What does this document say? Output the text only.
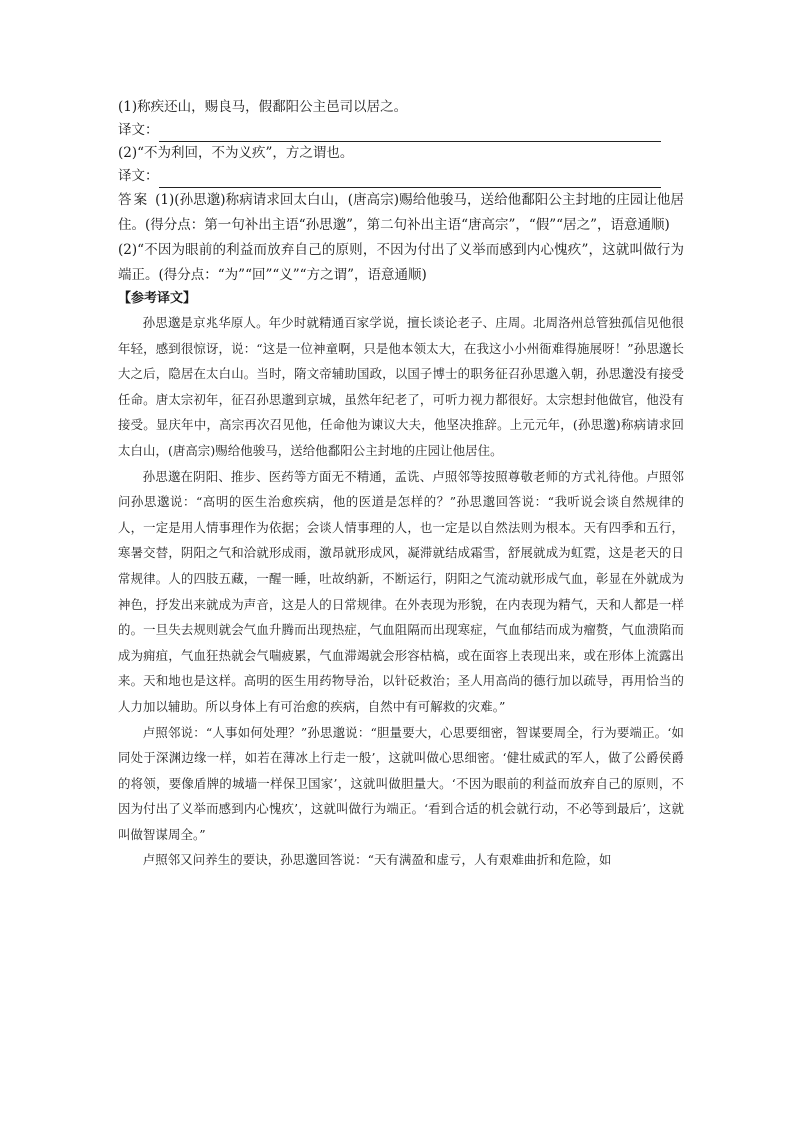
(1)称疾还山，赐良马，假鄱阳公主邑司以居之。

译文：

(2)“不为利回，不为义疚”，方之谓也。

译文：

答案 (1)(孙思邈)称病请求回太白山，(唐高宗)赐给他骏马，送给他鄱阳公主封地的庄园让他居住。(得分点：第一句补出主语“孙思邈”，第二句补出主语“唐高宗”，“假”“居之”，语意通顺)

(2)“不因为眼前的利益而放弃自己的原则，不因为付出了义举而感到内心愧疚”，这就叫做行为端正。(得分点：“为”“回”“义”“方之谓”，语意通顺)

【参考译文】

孙思邈是京兆华原人。年少时就精通百家学说，擅长谈论老子、庄周。北周洛州总管独孤信见他很年轻，感到很惊讶，说：“这是一位神童啊，只是他本领太大，在我这小小州衙难得施展呀！”孙思邈长大之后，隐居在太白山。当时，隋文帝辅助国政，以国子博士的职务征召孙思邈入朝，孙思邈没有接受任命。唐太宗初年，征召孙思邈到京城，虽然年纪老了，可听力视力都很好。太宗想封他做官，他没有接受。显庆年中，高宗再次召见他，任命他为谏议大夫，他坚决推辞。上元元年，(孙思邈)称病请求回太白山，(唐高宗)赐给他骏马，送给他鄱阳公主封地的庄园让他居住。

孙思邈在阴阳、推步、医药等方面无不精通，孟诜、卢照邻等按照尊敬老师的方式礼待他。卢照邻问孙思邈说：“高明的医生治愈疾病，他的医道是怎样的？”孙思邈回答说：“我听说会谈自然规律的人，一定是用人情事理作为依据；会谈人情事理的人，也一定是以自然法则为根本。天有四季和五行，寒暑交替，阴阳之气和洽就形成雨，激昂就形成风，凝滞就结成霜雪，舒展就成为虹霓，这是老天的日常规律。人的四肢五藏，一醒一睡，吐故纳新，不断运行，阴阳之气流动就形成气血，彰显在外就成为神色，抒发出来就成为声音，这是人的日常规律。在外表现为形貌，在内表现为精气，天和人都是一样的。一旦失去规则就会气血升腾而出现热症，气血阻隔而出现寒症，气血郁结而成为瘤赘，气血溃陷而成为痈疽，气血狂热就会气喘疲累，气血滞竭就会形容枯槁，或在面容上表现出来，或在形体上流露出来。天和地也是这样。高明的医生用药物导治，以针砭救治；圣人用高尚的德行加以疏导，再用恰当的人力加以辅助。所以身体上有可治愈的疾病，自然中有可解救的灾难。”

卢照邻说：“人事如何处理？”孙思邈说：“胆量要大，心思要细密，智谋要周全，行为要端正。‘如同处于深渊边缘一样，如若在薄冰上行走一般’，这就叫做心思细密。‘健壮威武的军人，做了公爵侯爵的将领，要像盾牌的城墙一样保卫国家’，这就叫做胆量大。‘不因为眼前的利益而放弃自己的原则，不因为付出了义举而感到内心愧疚’，这就叫做行为端正。‘看到合适的机会就行动，不必等到最后’，这就叫做智谋周全。”

卢照邻又问养生的要诀，孙思邈回答说：“天有满盈和虚亏，人有艰难曲折和危险，如
